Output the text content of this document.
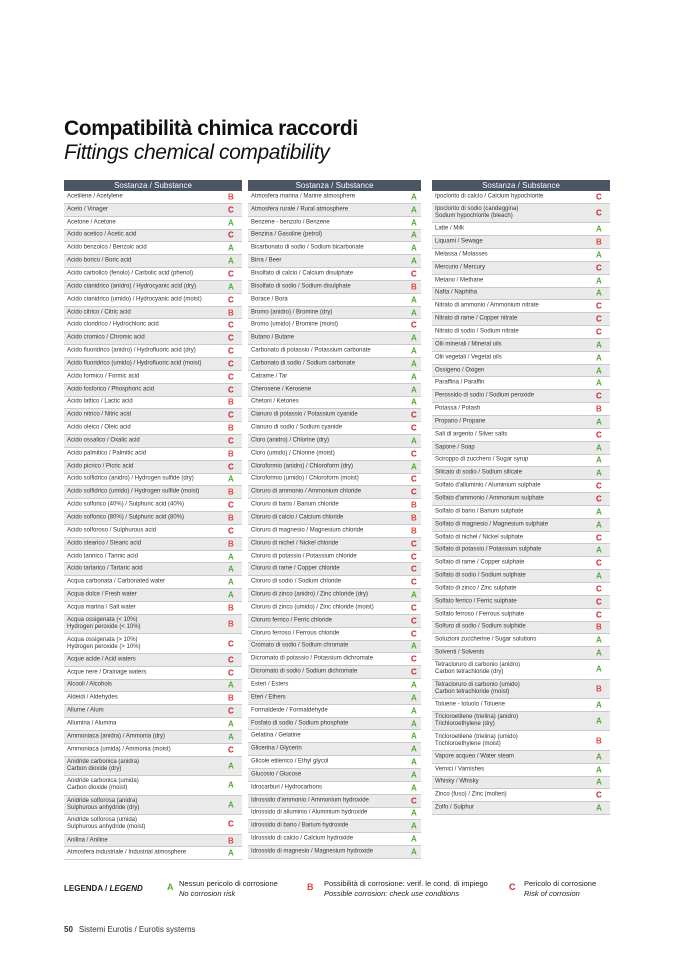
Compatibilità chimica raccordi
Fittings chemical compatibility
Sostanza / Substance
Acetilene / Acetylene	B
Aceto / Vinager	C
Acetone / Acetone	A
Acido acetico / Acetic acid	C
Acido benzoico / Benzoic acid	A
Acido borico / Boric acid	A
Acido carbolico (fenolo) / Carbolic acid (phenol)	C
Acido cianidrico (anidro) / Hydrocyanic acid (dry)	A
Acido cianidrico (umido) / Hydrocyanic acid (moist)	C
Acido citrico / Citric acid	B
Acido cloridrico / Hydrochloric acid	C
Acido cromico / Chromic acid	C
Acido fluoridrico (anidro) / Hydrofluoric acid (dry)	C
Acido fluoridrico (umido) / Hydrofluoric acid (moist)	C
Acido formico / Formic acid	C
Acido fosforico / Phosphoric acid	C
Acido lattico / Lactic acid	B
Acido nitrico / Nitric acid	C
Acido oleico / Oleic acid	B
Acido ossalico / Oxalic acid	C
Acido palmitico / Palmitic acid	B
Acido picrico / Picric acid	C
Acido solfidrico (anidro) / Hydrogen sulfide (dry)	A
Acido solfidrico (umido) / Hydrogen sulfide (moist)	B
Acido solforico (40%) / Sulphuric acid (40%)	C
Acido solforico (80%) / Sulphuric acid (80%)	B
Acido solforoso / Sulphurous acid	C
Acido stearico / Stearic acid	B
Acido tannico / Tannic acid	A
Acido tartarico / Tartaric acid	A
Acqua carbonata / Carbonated water	A
Acqua dolce / Fresh water	A
Acqua marina / Salt water	B
Acqua ossigenata (< 10%)
Hydrogen peroxide (< 10%)	B
Acqua ossigenata (> 10%)
Hydrogen peroxide (> 10%)	C
Acque acide / Acid waters	C
Acque nere / Drainage waters	C
Alcooli / Alcohols	A
Aldeidi / Aldehydes	B
Allume / Alum	C
Allumina / Alumina	A
Ammoniaca (anidra) / Ammonia (dry)	A
Ammoniaca (umida) / Ammonia (moist)	C
Anidride carbonica (anidra)
Carbon dioxide (dry)	A
Anidride carbonica (umida)
Carbon dioxide (moist)	A
Anidride solforosa (anidra)
Sulphurous anhydride (dry)	A
Anidride solforosa (umida)
Sulphurous anhydride (moist)	C
Anilina / Aniline	B
Atmosfera industriale / Industrial atmosphere	A
Sostanza / Substance
Atmosfera marina / Marine atmosphere	A
Atmosfera rurale / Rural atmosphere	A
Benzene - benzolo / Benzene	A
Benzina / Gasoline (petrol)	A
Bicarbonato di sodio / Sodium bicarbonate	A
Birra / Beer	A
Bisolfato di calcio / Calcium disulphate	C
Bisolfato di sodio / Sodium disulphate	B
Borace / Bora	A
Bromo (anidro) / Bromine (dry)	A
Bromo (umido) / Bromine (moist)	C
Butano / Butane	A
Carbonato di potassio / Potassium carbonate	A
Carbonato di sodio / Sodium carbonate	A
Catrame / Tar	A
Cherosene / Kerosene	A
Chetoni / Ketones	A
Cianuro di potassio / Potassium cyanide	C
Cianuro di sodio / Sodium cyanide	C
Cloro (anidro) / Chlorine (dry)	A
Cloro (umido) / Chlorine (moist)	C
Cloroformio (anidro) / Chloroform (dry)	A
Cloroformio (umido) / Chloroform (moist)	C
Cloruro di ammonio / Ammonium chloride	C
Cloruro di bario / Barium chloride	B
Cloruro di calcio / Calcium chloride	B
Cloruro di magnesio / Magnesium chloride	B
Cloruro di nichel / Nickel chloride	C
Cloruro di potassio / Potassium chloride	C
Cloruro di rame / Copper chloride	C
Cloruro di sodio / Sodium chloride	C
Cloruro di zinco (anidro) / Zinc chloride (dry)	A
Cloruro di zinco (umido) / Zinc chloride (moist)	C
Cloruro ferrico / Ferric chloride	C
Cloruro ferroso / Ferrous chloride	C
Cromato di sodio / Sodium chromate	A
Dicromato di potassio / Potassium dichromate	C
Dicromato di sodio / Sodium dichromate	C
Esteri / Esters	A
Eteri / Ethers	A
Formaldeide / Formaldehyde	A
Fosfato di sodio / Sodium phosphate	A
Gelatina / Gelatine	A
Glicerina / Glycerin	A
Glicole etilenico / Ethyl glycol	A
Glucosio / Glucose	A
Idrocarburi / Hydrocarbons	A
Idrossido d'ammonio / Ammonium hydroxide	C
Idrossido di alluminio / Aluminium hydroxide	A
Idrossido di bario / Barium hydroxide	A
Idrossido di calcio / Calcium hydroxide	A
Idrossido di magnesio / Magnesium hydroxide	A
Sostanza / Substance
Ipoclorito di calcio / Calcium hypochlorite	C
Ipoclorito di sodio (candeggina)
Sodium hypochlorite (bleach)	C
Latte / Milk	A
Liquami / Sewage	B
Melassa / Molasses	A
Mercurio / Mercury	C
Metano / Methane	A
Nafta / Naphtha	A
Nitrato di ammonio / Ammonium nitrate	C
Nitrato di rame / Copper nitrate	C
Nitrato di sodio / Sodium nitrate	C
Olii minerali / Mineral oils	A
Olii vegetali / Vegetal oils	A
Ossigeno / Oxigen	A
Paraffina / Paraffin	A
Perossido di sodio / Sodium peroxide	C
Potassa / Potash	B
Propano / Propane	A
Sali di argento / Silver salts	C
Sapone / Soap	A
Sciroppo di zucchero / Sugar syrup	A
Silicato di sodio / Sodium silicate	A
Solfato d'alluminio / Aluminium sulphate	C
Solfato d'ammonio / Ammonium sulphate	C
Solfato di bario / Barium sulphate	A
Solfato di magnesio / Magnesium sulphate	A
Solfato di nichel / Nickel sulphate	C
Solfato di potassio / Potassium sulphate	A
Solfato di rame / Copper sulphate	C
Solfato di sodio / Sodium sulphate	A
Solfato di zinco / Zinc sulphate	C
Solfato ferrico / Ferric sulphate	C
Solfato ferroso / Ferrous sulphate	C
Solfuro di sodio / Sodium sulphide	B
Soluzioni zuccherine / Sugar solutions	A
Solventi / Solvents	A
Tetracloruro di carbonio (anidro)
Carbon tetrachloride (dry)	A
Tetracloruro di carbonio (umido)
Carbon tetrachloride (moist)	B
Toluene - toluolo / Toluene	A
Tricloroetilene (trielina) (anidro)
Trichloroethylene (dry)	A
Tricloroetilene (trielina) (umido)
Trichloroethylene (moist)	B
Vapore acqueo / Water steam	A
Vernici / Varnishes	A
Whisky / Whisky	A
Zinco (fuso) / Zinc (molten)	C
Zolfo / Sulphur	A
LEGENDA / LEGEND	A Nessun pericolo di corrosione
No corrosion risk
B Possibilità di corrosione: verif. le cond. di impiego
Possible corrosion: check use conditions
C Pericolo di corrosione
Risk of corrosion
50 Sistemi Eurotis / Eurotis systems
